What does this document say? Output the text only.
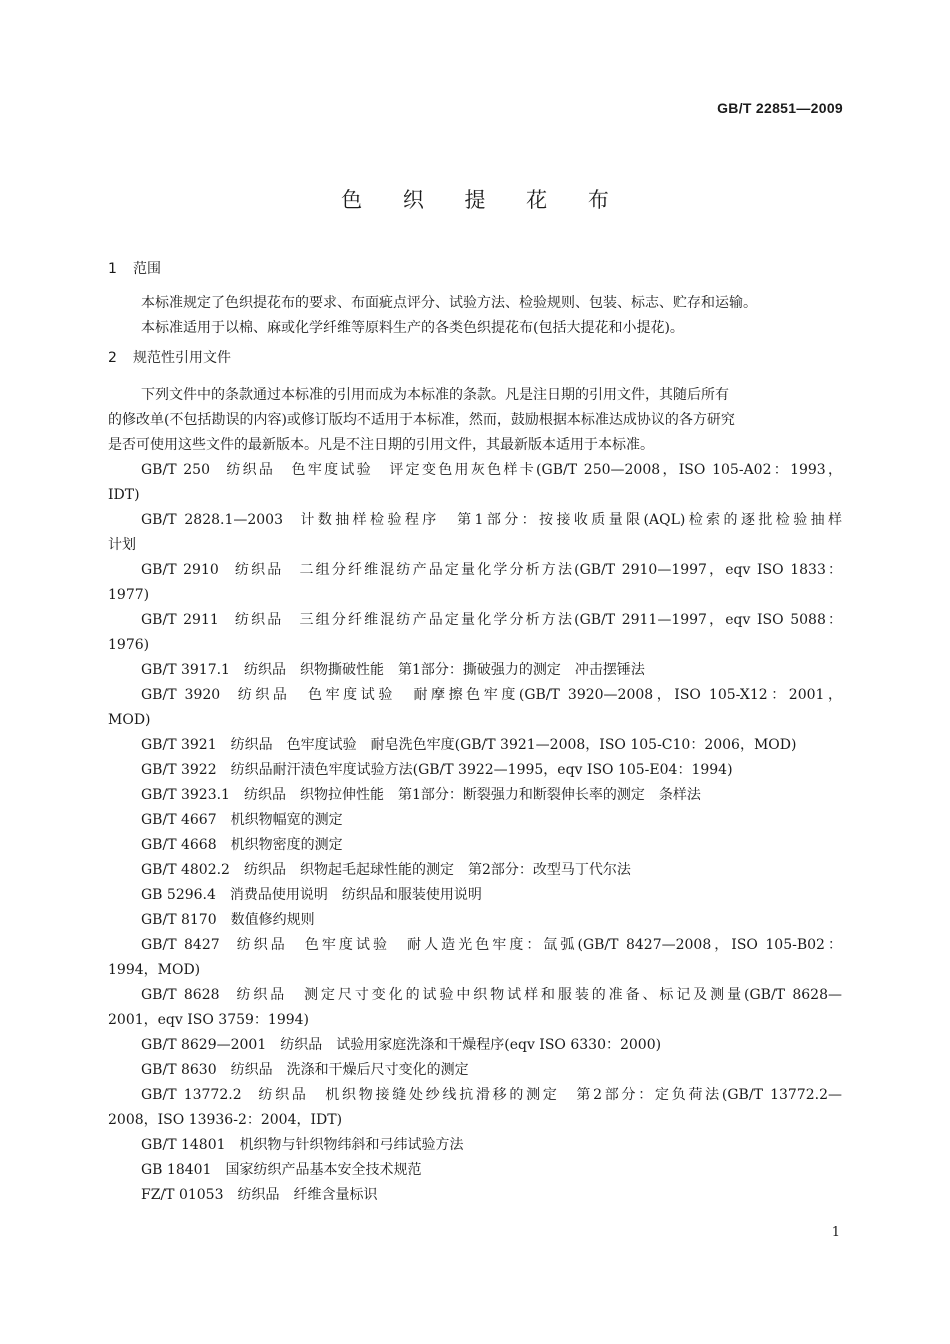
GB/T 22851—2009
色 织 提 花 布
1 范围
本标准规定了色织提花布的要求、布面疵点评分、试验方法、检验规则、包装、标志、贮存和运输。
本标准适用于以棉、麻或化学纤维等原料生产的各类色织提花布(包括大提花和小提花)。
2 规范性引用文件
下列文件中的条款通过本标准的引用而成为本标准的条款。凡是注日期的引用文件，其随后所有
的修改单(不包括勘误的内容)或修订版均不适用于本标准，然而，鼓励根据本标准达成协议的各方研究
是否可使用这些文件的最新版本。凡是不注日期的引用文件，其最新版本适用于本标准。
GB/T 250 纺织品　色牢度试验　评定变色用灰色样卡(GB/T 250—2008，ISO 105-A02：1993，
IDT)
GB/T 2828.1—2003 计数抽样检验程序　第1部分：按接收质量限(AQL)检索的逐批检验抽样
计划
GB/T 2910 纺织品　二组分纤维混纺产品定量化学分析方法(GB/T 2910—1997，eqv ISO 1833：
1977)
GB/T 2911 纺织品　三组分纤维混纺产品定量化学分析方法(GB/T 2911—1997，eqv ISO 5088：
1976)
GB/T 3917.1 纺织品　织物撕破性能　第1部分：撕破强力的测定　冲击摆锤法
GB/T 3920 纺织品　色牢度试验　耐摩擦色牢度(GB/T 3920—2008，ISO 105-X12：2001，
MOD)
GB/T 3921 纺织品　色牢度试验　耐皂洗色牢度(GB/T 3921—2008，ISO 105-C10：2006，MOD)
GB/T 3922 纺织品耐汗渍色牢度试验方法(GB/T 3922—1995，eqv ISO 105-E04：1994)
GB/T 3923.1 纺织品　织物拉伸性能　第1部分：断裂强力和断裂伸长率的测定　条样法
GB/T 4667 机织物幅宽的测定
GB/T 4668 机织物密度的测定
GB/T 4802.2 纺织品　织物起毛起球性能的测定　第2部分：改型马丁代尔法
GB 5296.4 消费品使用说明　纺织品和服装使用说明
GB/T 8170 数值修约规则
GB/T 8427 纺织品　色牢度试验　耐人造光色牢度：氙弧(GB/T 8427—2008，ISO 105-B02：
1994，MOD)
GB/T 8628 纺织品　测定尺寸变化的试验中织物试样和服装的准备、标记及测量(GB/T 8628—
2001，eqv ISO 3759：1994)
GB/T 8629—2001 纺织品　试验用家庭洗涤和干燥程序(eqv ISO 6330：2000)
GB/T 8630 纺织品　洗涤和干燥后尺寸变化的测定
GB/T 13772.2 纺织品　机织物接缝处纱线抗滑移的测定　第2部分：定负荷法(GB/T 13772.2—
2008，ISO 13936-2：2004，IDT)
GB/T 14801 机织物与针织物纬斜和弓纬试验方法
GB 18401 国家纺织产品基本安全技术规范
FZ/T 01053 纺织品　纤维含量标识
1
